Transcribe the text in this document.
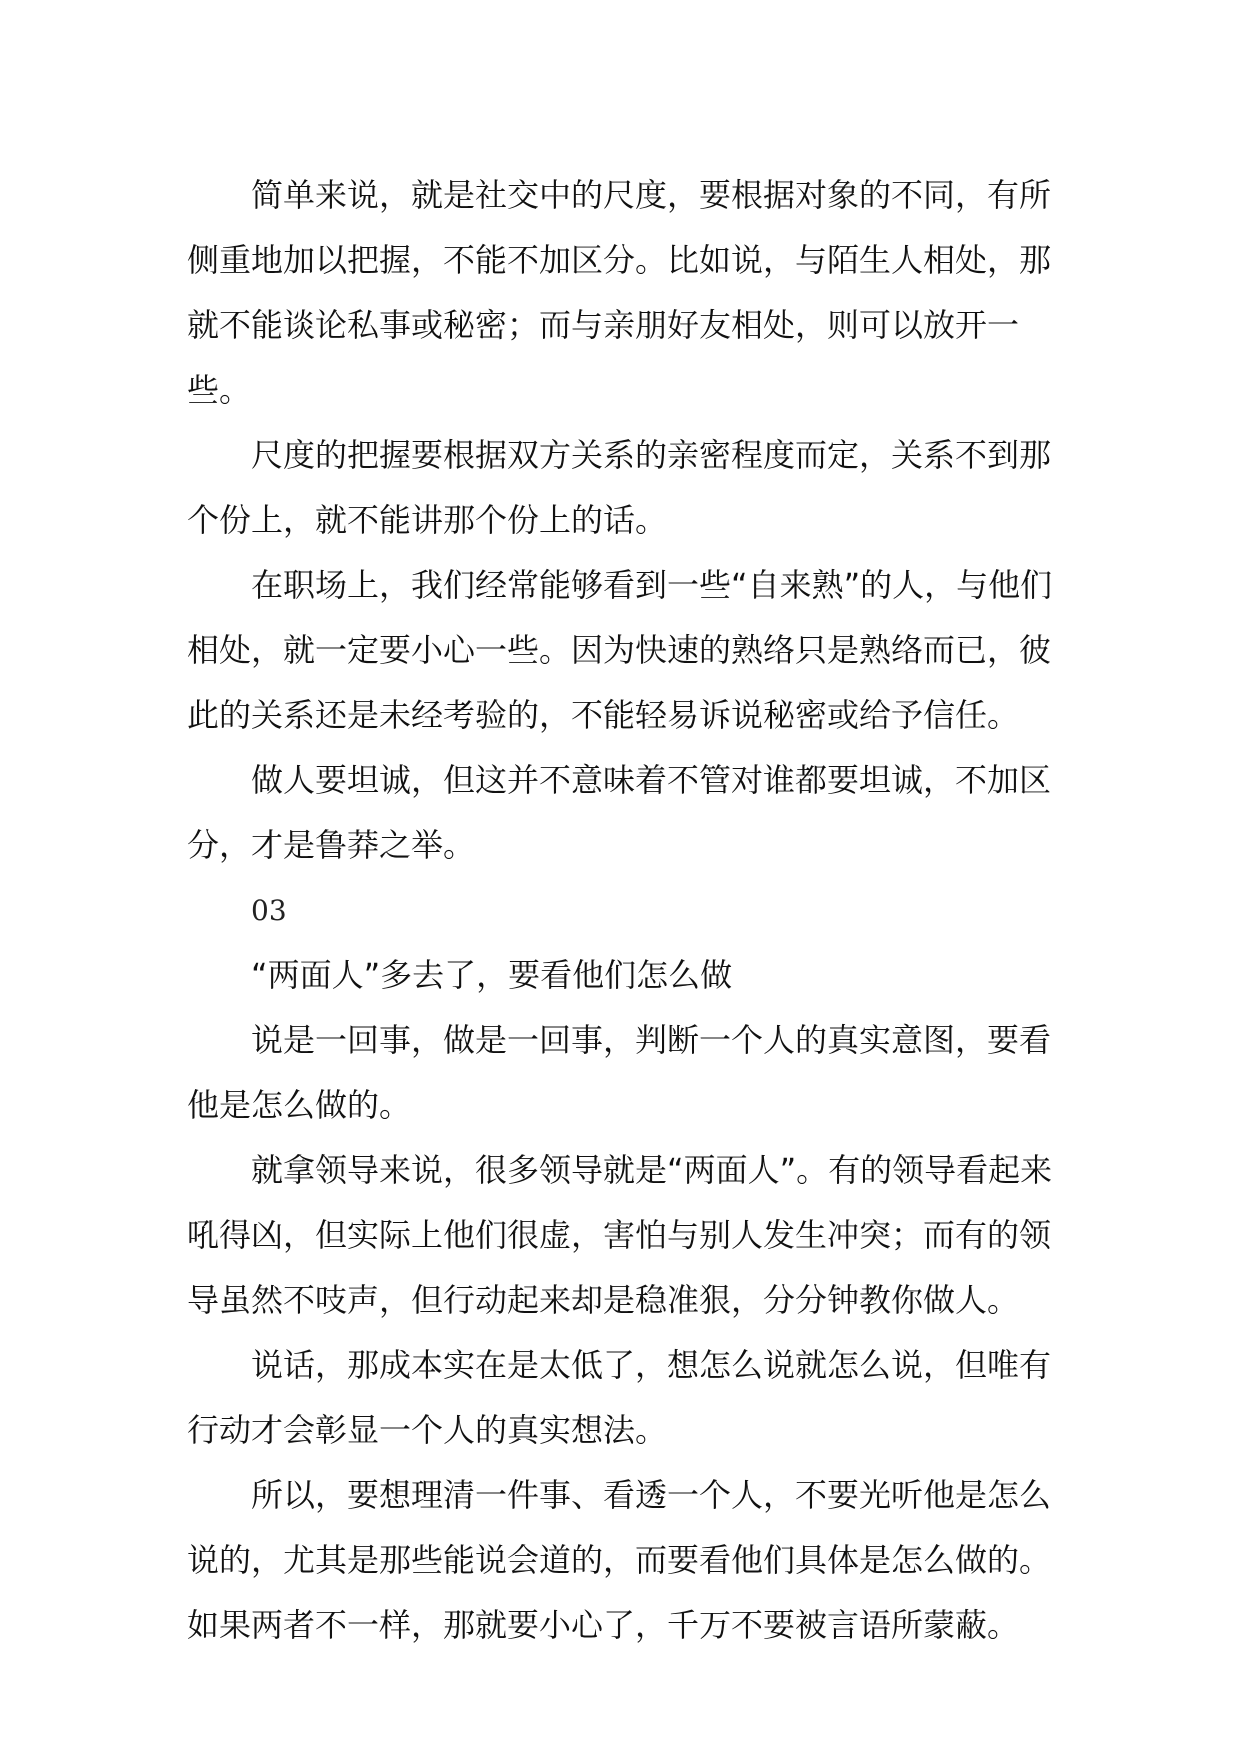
简单来说，就是社交中的尺度，要根据对象的不同，有所侧重地加以把握，不能不加区分。比如说，与陌生人相处，那就不能谈论私事或秘密；而与亲朋好友相处，则可以放开一些。

尺度的把握要根据双方关系的亲密程度而定，关系不到那个份上，就不能讲那个份上的话。

在职场上，我们经常能够看到一些“自来熟”的人，与他们相处，就一定要小心一些。因为快速的熟络只是熟络而已，彼此的关系还是未经考验的，不能轻易诉说秘密或给予信任。

做人要坦诚，但这并不意味着不管对谁都要坦诚，不加区分，才是鲁莽之举。

03

“两面人”多去了，要看他们怎么做

说是一回事，做是一回事，判断一个人的真实意图，要看他是怎么做的。

就拿领导来说，很多领导就是“两面人”。有的领导看起来吼得凶，但实际上他们很虚，害怕与别人发生冲突；而有的领导虽然不吱声，但行动起来却是稳准狠，分分钟教你做人。

说话，那成本实在是太低了，想怎么说就怎么说，但唯有行动才会彰显一个人的真实想法。

所以，要想理清一件事、看透一个人，不要光听他是怎么说的，尤其是那些能说会道的，而要看他们具体是怎么做的。如果两者不一样，那就要小心了，千万不要被言语所蒙蔽。
